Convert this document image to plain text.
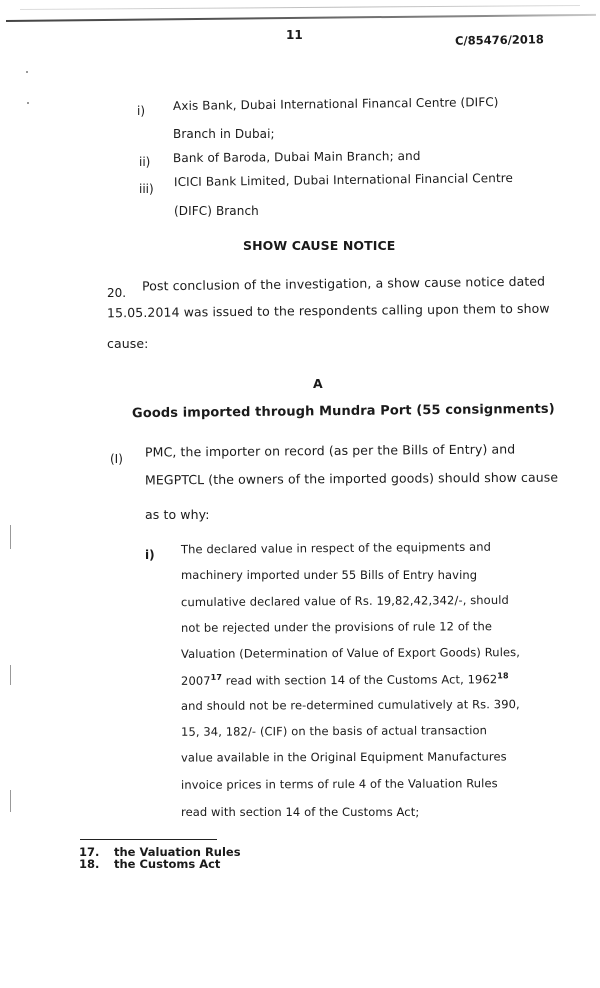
11	C/85476/2018
i) Axis Bank, Dubai International Financal Centre (DIFC)
Branch in Dubai;
ii) Bank of Baroda, Dubai Main Branch; and
iii) ICICI Bank Limited, Dubai International Financial Centre
(DIFC) Branch
SHOW CAUSE NOTICE
20. Post conclusion of the investigation, a show cause notice dated
15.05.2014 was issued to the respondents calling upon them to show
cause:
A
Goods imported through Mundra Port (55 consignments)
(I) PMC, the importer on record (as per the Bills of Entry) and
MEGPTCL (the owners of the imported goods) should show cause
as to why:
i) The declared value in respect of the equipments and
machinery imported under 55 Bills of Entry having
cumulative declared value of Rs. 19,82,42,342/-, should
not be rejected under the provisions of rule 12 of the
Valuation (Determination of Value of Export Goods) Rules,
2007$^{17}$ read with section 14 of the Customs Act, 1962$^{18}$
and should not be re-determined cumulatively at Rs. 390,
15, 34, 182/- (CIF) on the basis of actual transaction
value available in the Original Equipment Manufactures
invoice prices in terms of rule 4 of the Valuation Rules
read with section 14 of the Customs Act;
17. the Valuation Rules
18. the Customs Act
